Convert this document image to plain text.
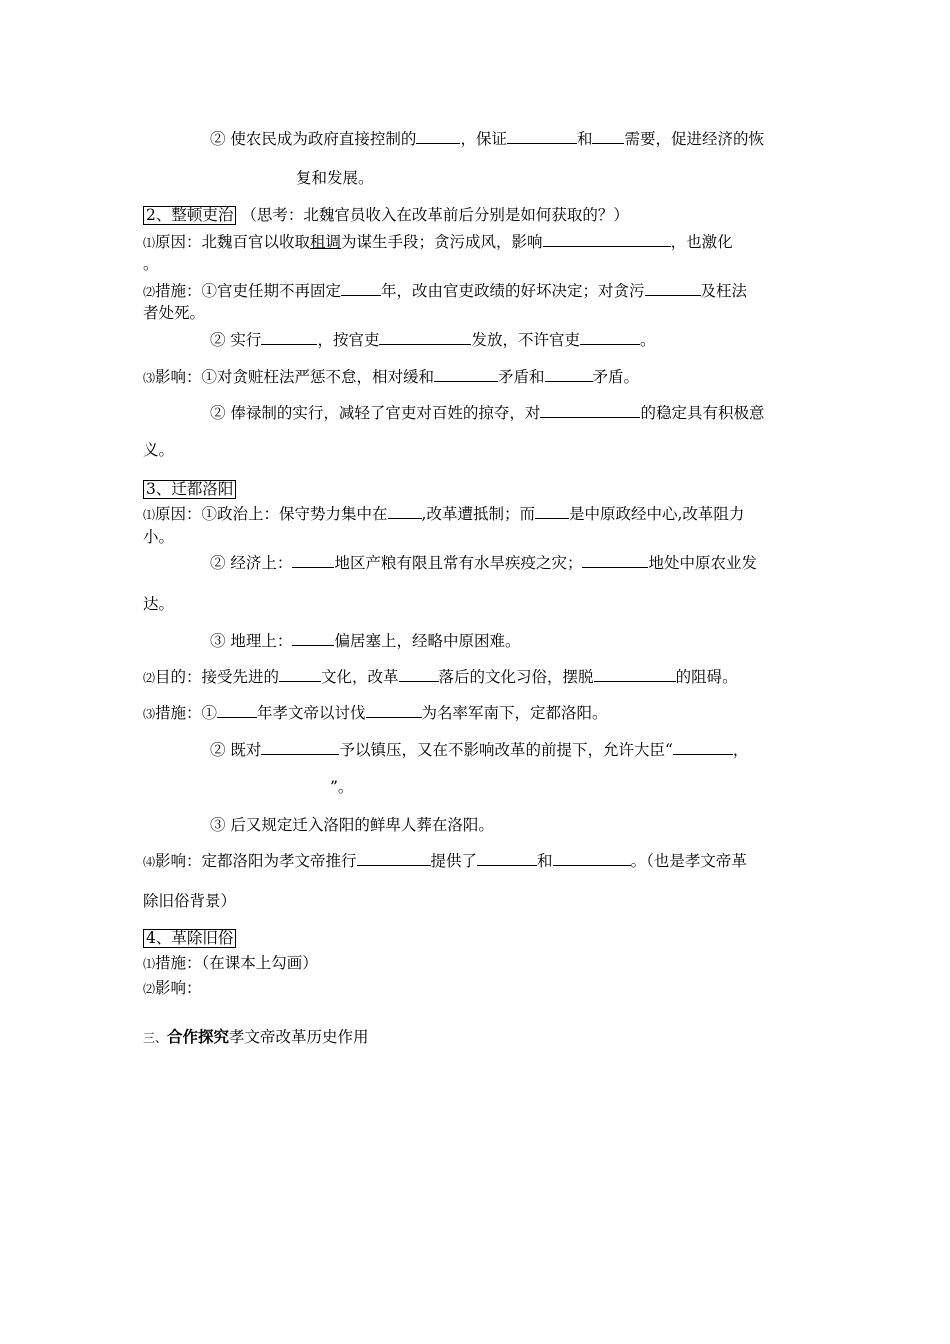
② 使农民成为政府直接控制的	，保证	和 需要，促进经济的恢
复和发展。
2、整顿吏治 （思考：北魏官员收入在改革前后分别是如何获取的？）
⑴原因：北魏百官以收取租调为谋生手段；贪污成风，影响	，也激化
。
⑵措施：①官吏任期不再固定	年，改由官吏政绩的好坏决定；对贪污	及枉法
者处死。
② 实行	，按官吏	发放，不许官吏	。
⑶影响：①对贪赃枉法严惩不怠，相对缓和	矛盾和	矛盾。
② 俸禄制的实行，减轻了官吏对百姓的掠夺，对	的稳定具有积极意
义。
3、迁都洛阳
⑴原因：①政治上：保守势力集中在 ,改革遭抵制；而 是中原政经中心,改革阻力
小。
② 经济上：	地区产粮有限且常有水旱疾疫之灾；	地处中原农业发
达。
③ 地理上：	偏居塞上，经略中原困难。
⑵目的：接受先进的	文化，改革	落后的文化习俗，摆脱	的阻碍。
⑶措施：①	年孝文帝以讨伐	为名率军南下，定都洛阳。
② 既对	予以镇压，又在不影响改革的前提下，允许大臣“	，
”。
③ 后又规定迁入洛阳的鲜卑人葬在洛阳。
⑷影响：定都洛阳为孝文帝推行	提供了	和	。（也是孝文帝革
除旧俗背景）
4、革除旧俗
⑴措施：（在课本上勾画）
⑵影响：
三、合作探究孝文帝改革历史作用
